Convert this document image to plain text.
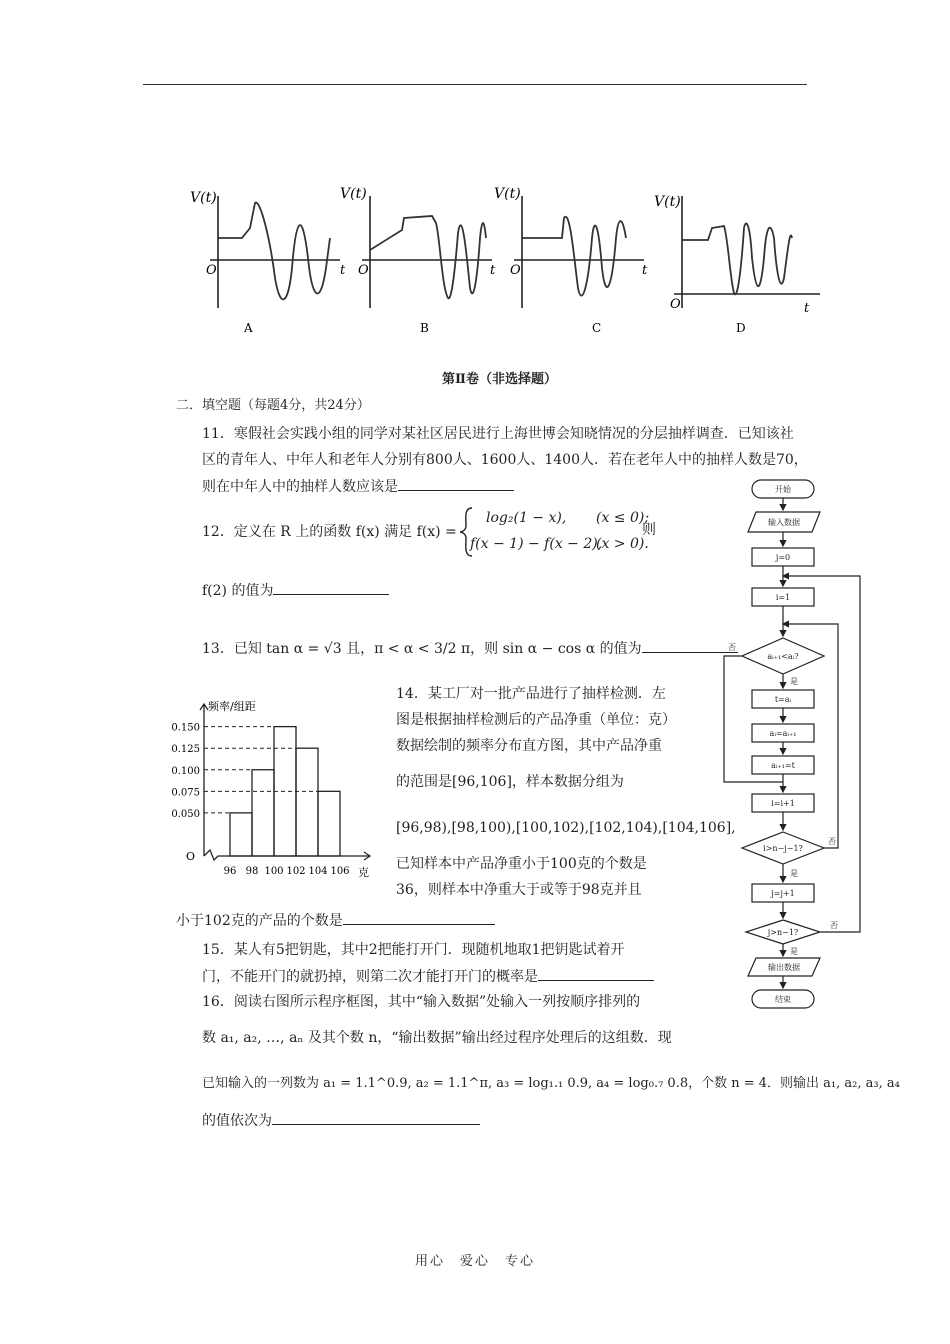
V(t)
O	t
A
V(t)
O	t
B
V(t)
O	t
C
V(t)
O	t
D
第Ⅱ卷（非选择题）
二．填空题（每题4分，共24分）
11．寒假社会实践小组的同学对某社区居民进行上海世博会知晓情况的分层抽样调查．已知该社
区的青年人、中年人和老年人分别有800人、1600人、1400人．若在老年人中的抽样人数是70，
则在中年人中的抽样人数应该是
12．定义在 R 上的函数 f(x) 满足 f(x) =
log₂(1 − x), (x ≤ 0);
f(x − 1) − f(x − 2),
(x > 0).
则
f(2) 的值为
13．已知 tan α = √3 且，π < α < 3/2 π，则 sin α − cos α 的值为
频率/组距
克
O
0.150
0.125
0.100
0.075
0.050
96 98 100 102 104 106
14．某工厂对一批产品进行了抽样检测．左
图是根据抽样检测后的产品净重（单位：克）
数据绘制的频率分布直方图，其中产品净重
的范围是[96,106]，样本数据分组为
[96,98),[98,100),[100,102),[102,104),[104,106],
已知样本中产品净重小于100克的个数是
36，则样本中净重大于或等于98克并且
小于102克的产品的个数是
15．某人有5把钥匙，其中2把能打开门．现随机地取1把钥匙试着开
门，不能开门的就扔掉，则第二次才能打开门的概率是
16．阅读右图所示程序框图，其中“输入数据”处输入一列按顺序排列的
数 a₁, a₂, …, aₙ 及其个数 n，“输出数据”输出经过程序处理后的这组数．现
已知输入的一列数为 a₁ = 1.1^0.9, a₂ = 1.1^π, a₃ = log₁.₁ 0.9, a₄ = log₀.₇ 0.8，个数 n = 4．则输出 a₁, a₂, a₃, a₄
的值依次为
开始
输入数据
j=0
i=1
aᵢ₊₁<aᵢ?
t=aᵢ
aᵢ=aᵢ₊₁
aᵢ₊₁=t
i=i+1
i>n−j−1?
j=j+1
j>n−1?
输出数据
结束
否
是
否
是
否
是
用心　爱心　专心
